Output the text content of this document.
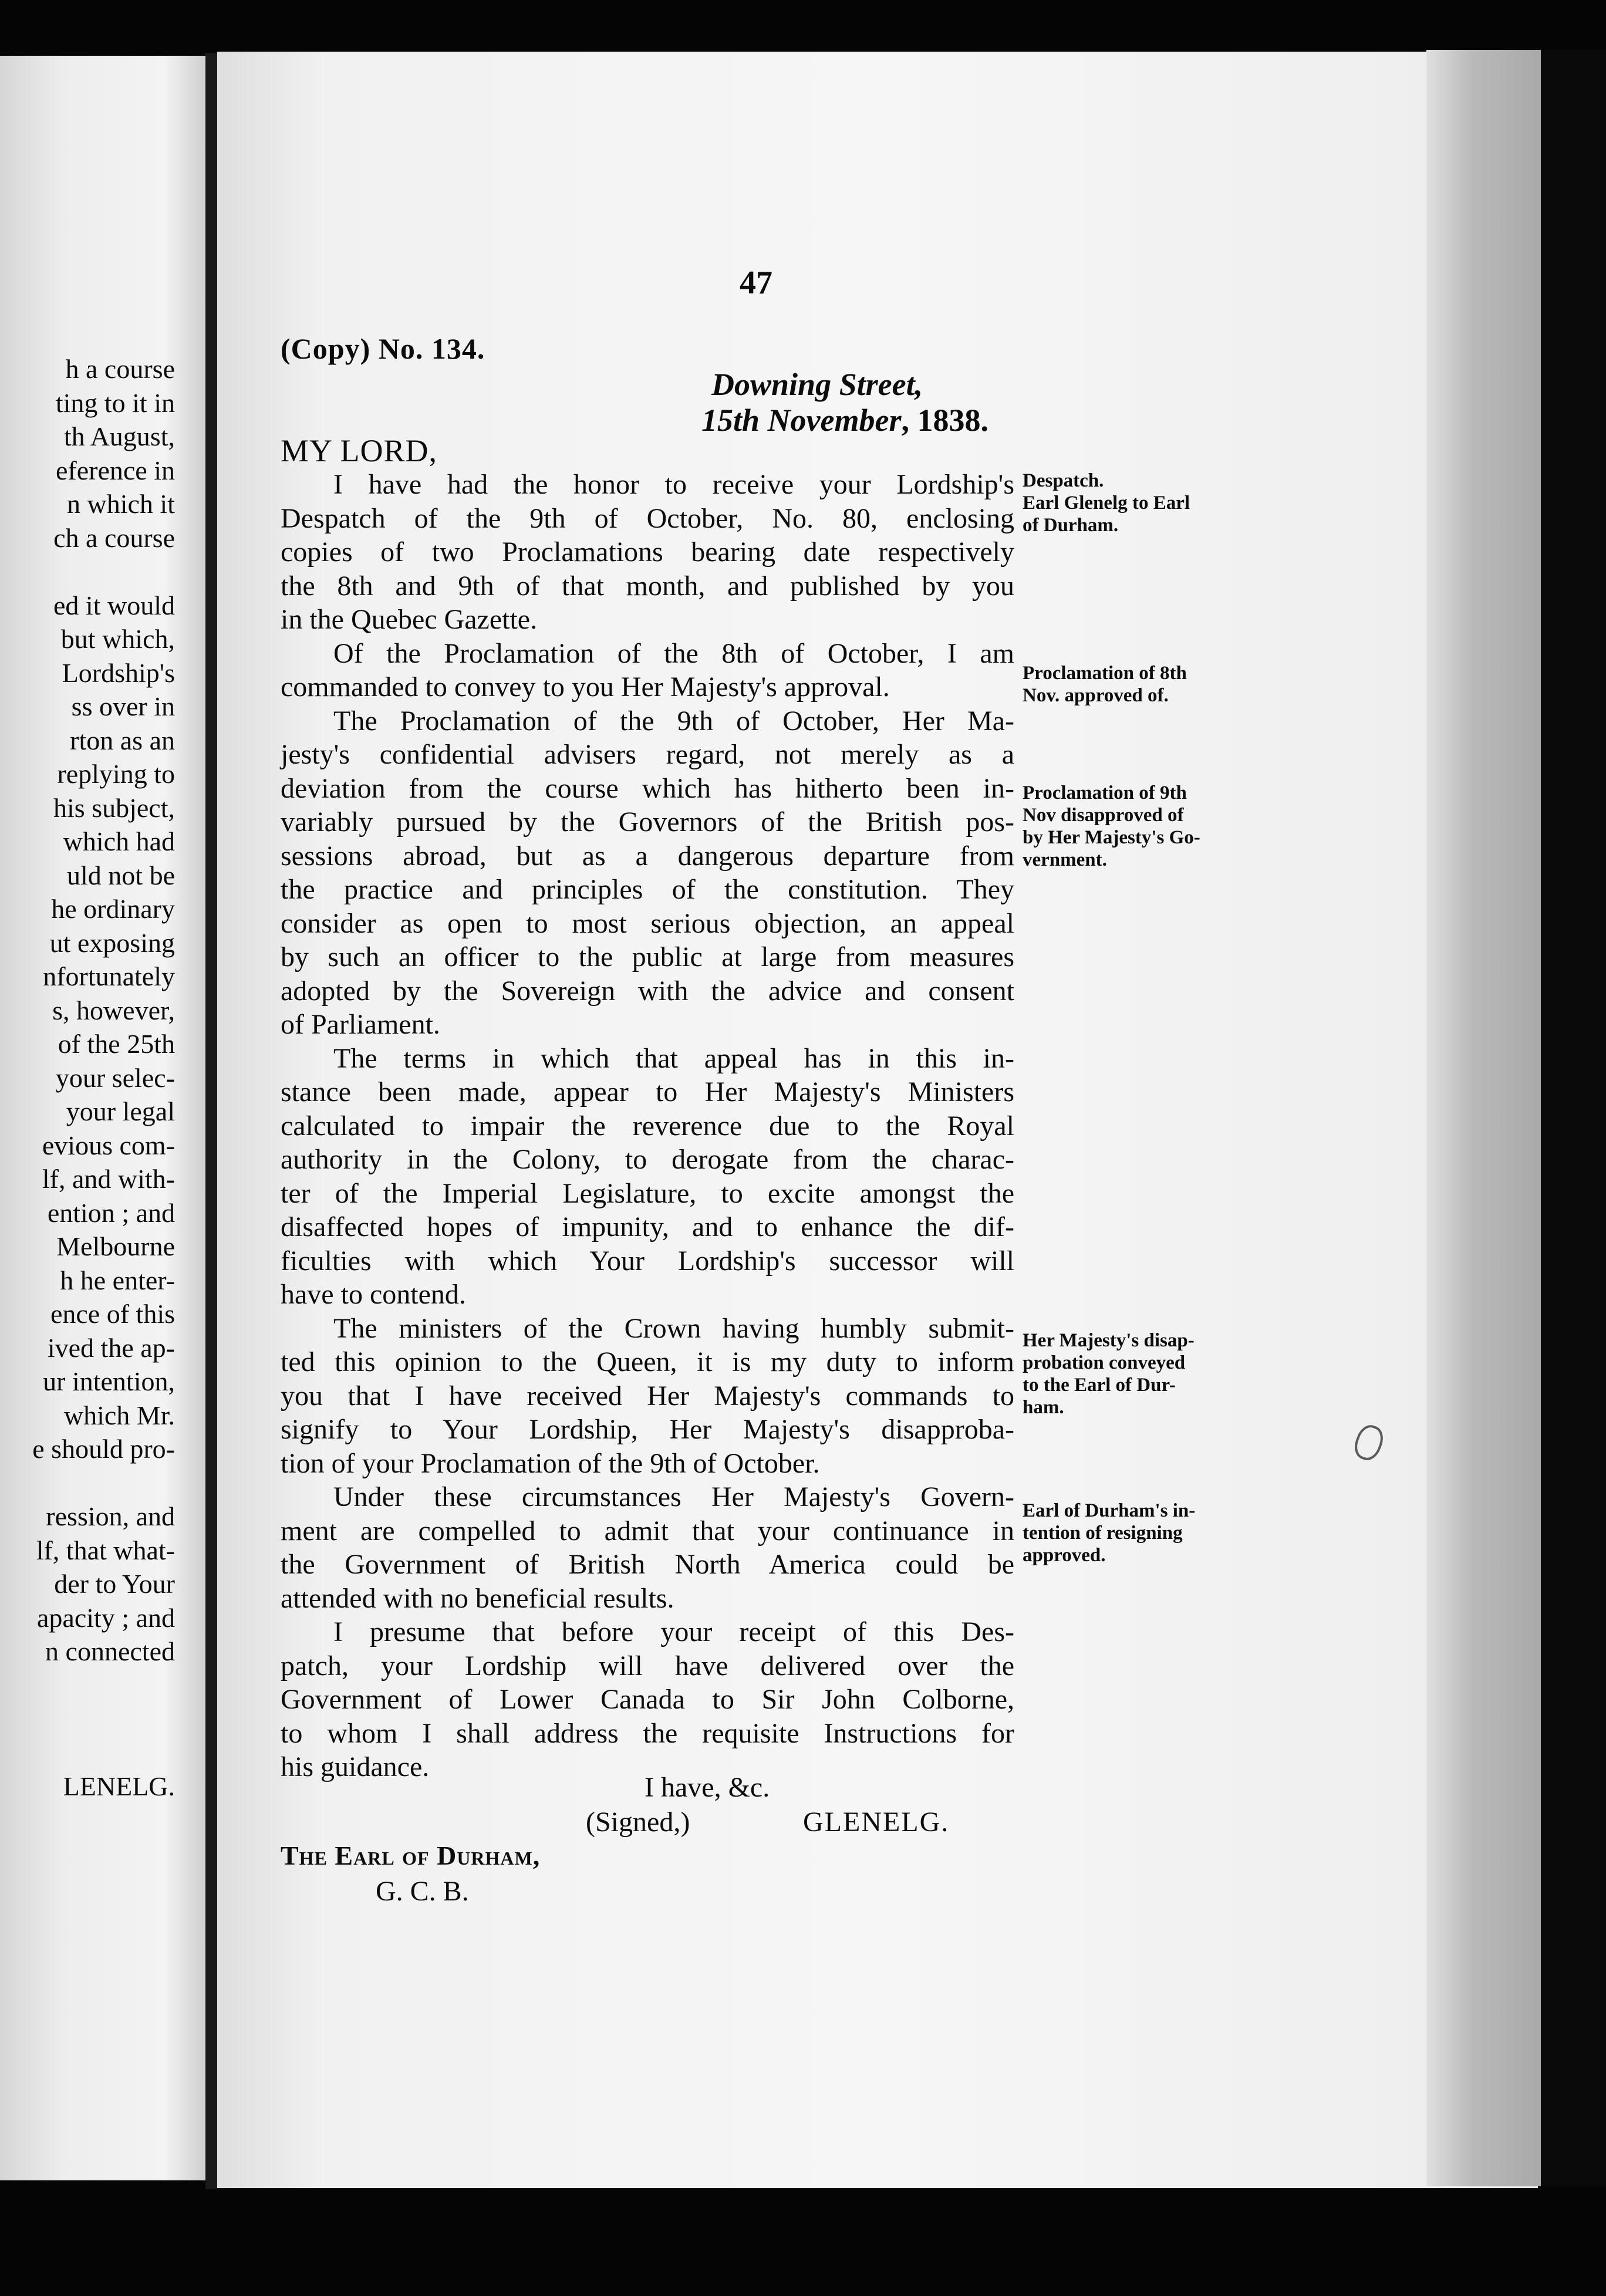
h a course
ting to it in
th August,
eference in
n which it
ch a course
ed it would
but which,
Lordship's
ss over in
rton as an
replying to
his subject,
which had
uld not be
he ordinary
ut exposing
nfortunately
s, however,
of the 25th
your selec-
your legal
evious com-
lf, and with-
ention ; and
Melbourne
h he enter-
ence of this
ived the ap-
ur intention,
which Mr.
e should pro-
ression, and
lf, that what-
der to Your
apacity ; and
n connected
LENELG.
47
(Copy) No. 134.
Downing Street,
15th November, 1838.
MY LORD,
I have had the honor to receive your Lordship's
Despatch of the 9th of October, No. 80, enclosing
copies of two Proclamations bearing date respectively
the 8th and 9th of that month, and published by you
in the Quebec Gazette.
Of the Proclamation of the 8th of October, I am
commanded to convey to you Her Majesty's approval.
The Proclamation of the 9th of October, Her Ma-
jesty's confidential advisers regard, not merely as a
deviation from the course which has hitherto been in-
variably pursued by the Governors of the British pos-
sessions abroad, but as a dangerous departure from
the practice and principles of the constitution. They
consider as open to most serious objection, an appeal
by such an officer to the public at large from measures
adopted by the Sovereign with the advice and consent
of Parliament.
The terms in which that appeal has in this in-
stance been made, appear to Her Majesty's Ministers
calculated to impair the reverence due to the Royal
authority in the Colony, to derogate from the charac-
ter of the Imperial Legislature, to excite amongst the
disaffected hopes of impunity, and to enhance the dif-
ficulties with which Your Lordship's successor will
have to contend.
The ministers of the Crown having humbly submit-
ted this opinion to the Queen, it is my duty to inform
you that I have received Her Majesty's commands to
signify to Your Lordship, Her Majesty's disapproba-
tion of your Proclamation of the 9th of October.
Under these circumstances Her Majesty's Govern-
ment are compelled to admit that your continuance in
the Government of British North America could be
attended with no beneficial results.
I presume that before your receipt of this Des-
patch, your Lordship will have delivered over the
Government of Lower Canada to Sir John Colborne,
to whom I shall address the requisite Instructions for
his guidance.
Despatch.
Earl Glenelg to Earl
of Durham.
Proclamation of 8th
Nov. approved of.
Proclamation of 9th
Nov disapproved of
by Her Majesty's Go-
vernment.
Her Majesty's disap-
probation conveyed
to the Earl of Dur-
ham.
Earl of Durham's in-
tention of resigning
approved.
I have, &c.
(Signed,)	GLENELG.
The Earl of Durham,
G. C. B.
